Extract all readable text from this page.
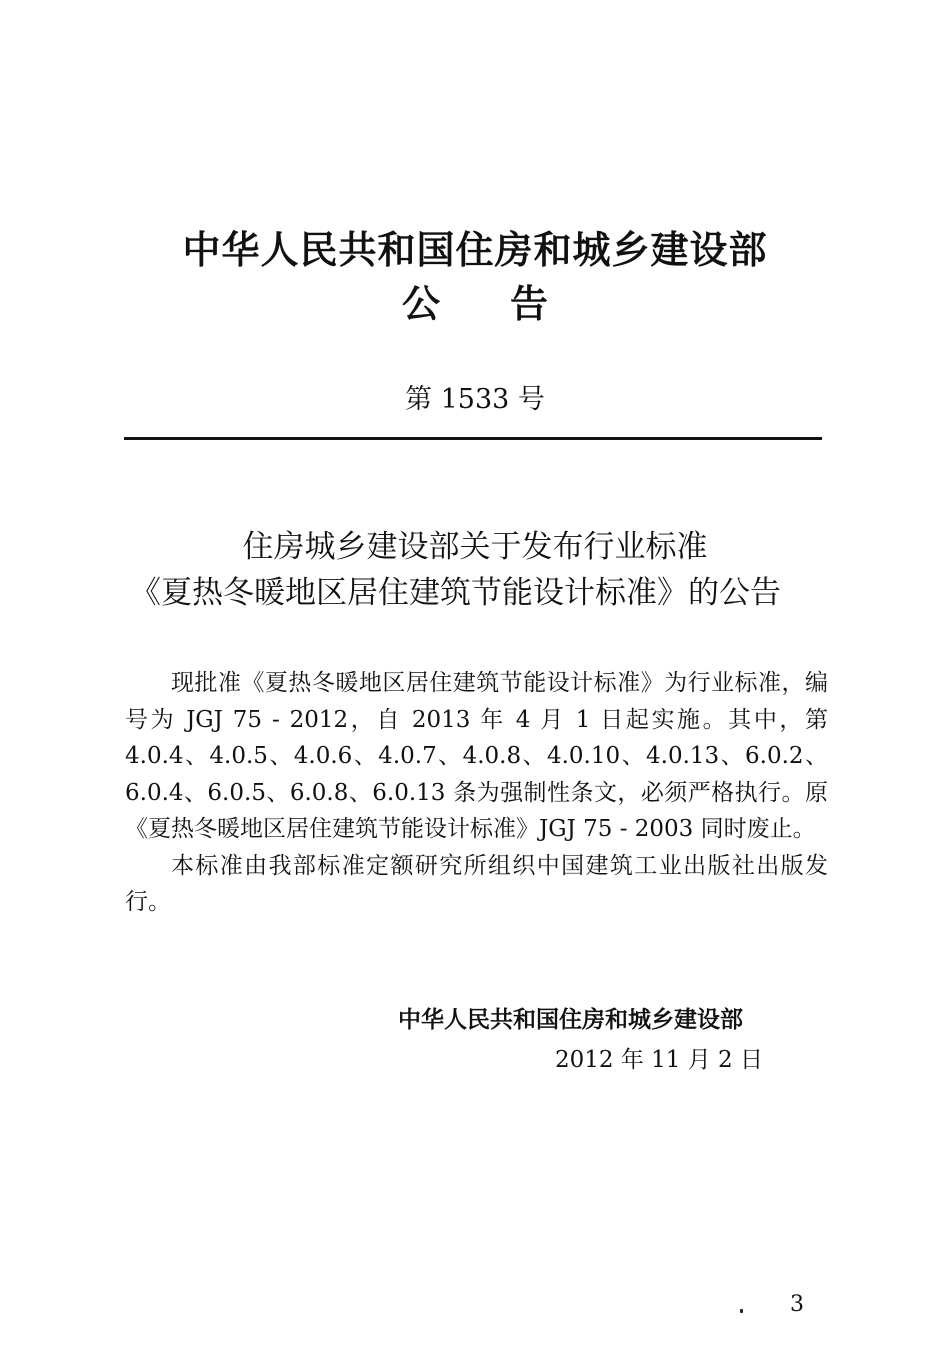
中华人民共和国住房和城乡建设部
公告
第 1533 号
住房城乡建设部关于发布行业标准
《夏热冬暖地区居住建筑节能设计标准》的公告

现批准《夏热冬暖地区居住建筑节能设计标准》为行业标准，编号为 JGJ 75 - 2012，自 2013 年 4 月 1 日起实施。其中，第 4.0.4、4.0.5、4.0.6、4.0.7、4.0.8、4.0.10、4.0.13、6.0.2、6.0.4、6.0.5、6.0.8、6.0.13 条为强制性条文，必须严格执行。原《夏热冬暖地区居住建筑节能设计标准》JGJ 75 - 2003 同时废止。

本标准由我部标准定额研究所组织中国建筑工业出版社出版发行。

中华人民共和国住房和城乡建设部
2012 年 11 月 2 日
3
